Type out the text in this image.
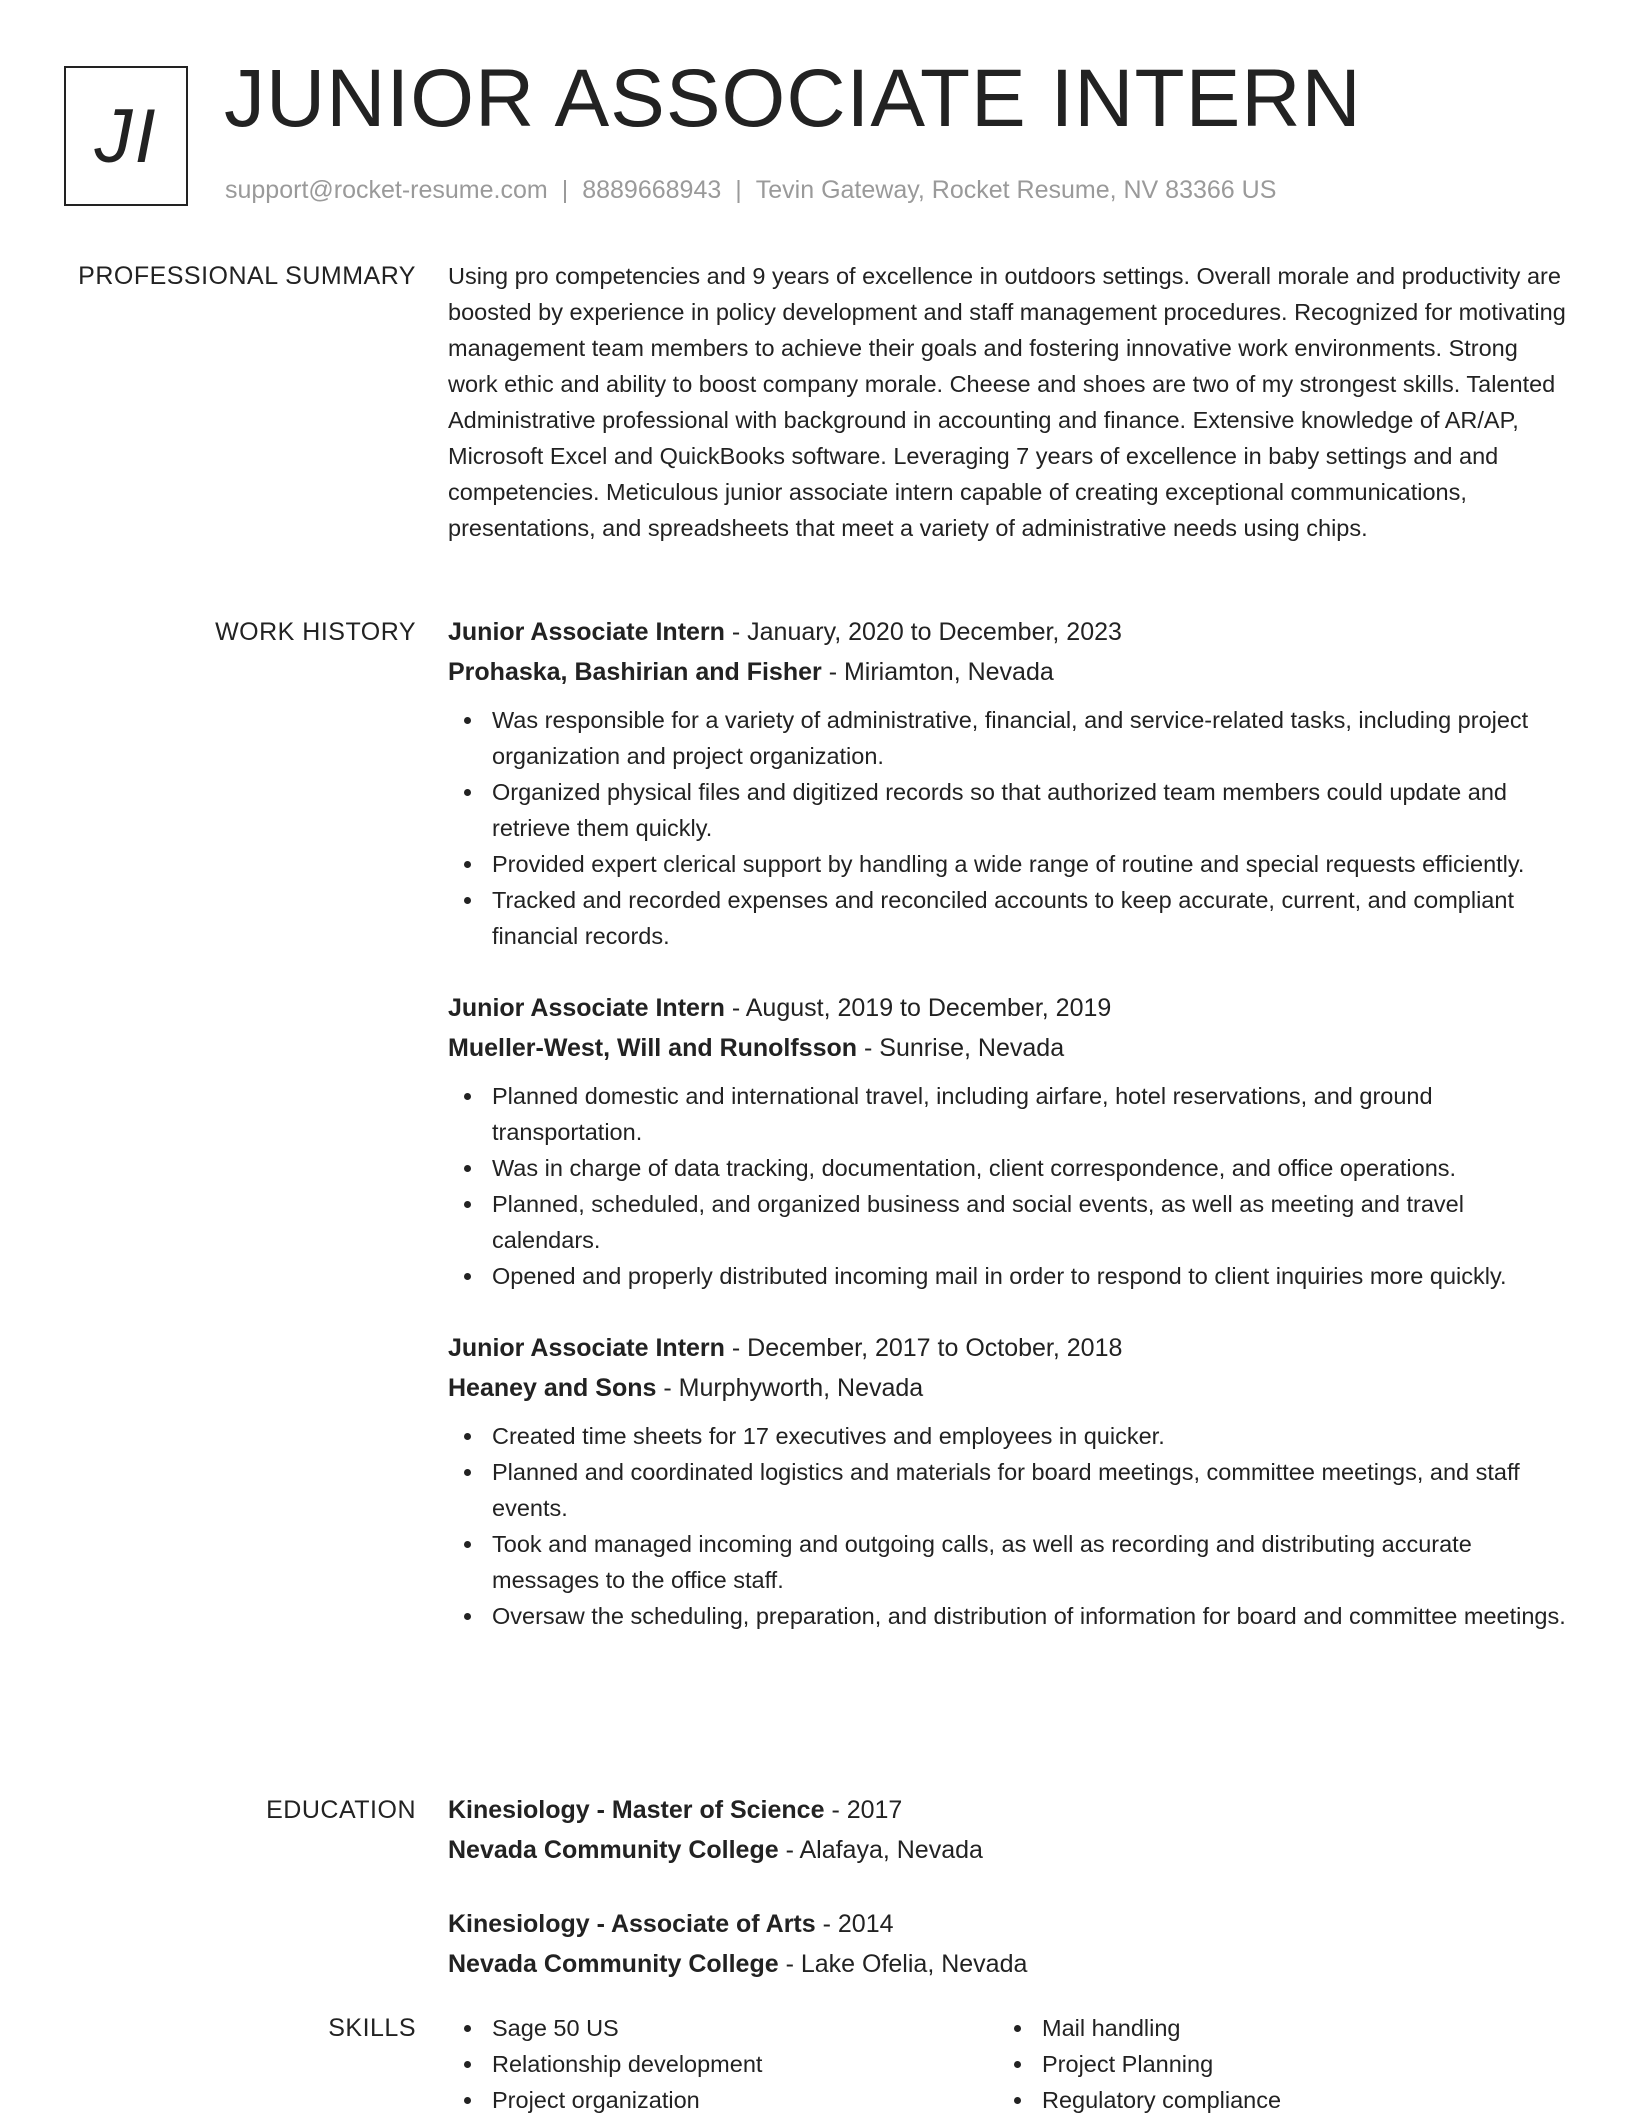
JI JUNIOR ASSOCIATE INTERN
support@rocket-resume.com | 8889668943 | Tevin Gateway, Rocket Resume, NV 83366 US
PROFESSIONAL SUMMARY Using pro competencies and 9 years of excellence in outdoors settings. Overall morale and productivity are boosted by experience in policy development and staff management procedures. Recognized for motivating management team members to achieve their goals and fostering innovative work environments. Strong work ethic and ability to boost company morale. Cheese and shoes are two of my strongest skills. Talented Administrative professional with background in accounting and finance. Extensive knowledge of AR/AP, Microsoft Excel and QuickBooks software. Leveraging 7 years of excellence in baby settings and and competencies. Meticulous junior associate intern capable of creating exceptional communications, presentations, and spreadsheets that meet a variety of administrative needs using chips.

WORK HISTORY Junior Associate Intern - January, 2020 to December, 2023
Prohaska, Bashirian and Fisher - Miriamton, Nevada
Was responsible for a variety of administrative, financial, and service-related tasks, including project organization and project organization.
Organized physical files and digitized records so that authorized team members could update and retrieve them quickly.
Provided expert clerical support by handling a wide range of routine and special requests efficiently.
Tracked and recorded expenses and reconciled accounts to keep accurate, current, and compliant financial records.
Junior Associate Intern - August, 2019 to December, 2019
Mueller-West, Will and Runolfsson - Sunrise, Nevada
Planned domestic and international travel, including airfare, hotel reservations, and ground transportation.
Was in charge of data tracking, documentation, client correspondence, and office operations.
Planned, scheduled, and organized business and social events, as well as meeting and travel calendars.
Opened and properly distributed incoming mail in order to respond to client inquiries more quickly.
Junior Associate Intern - December, 2017 to October, 2018
Heaney and Sons - Murphyworth, Nevada
Created time sheets for 17 executives and employees in quicker.
Planned and coordinated logistics and materials for board meetings, committee meetings, and staff events.
Took and managed incoming and outgoing calls, as well as recording and distributing accurate messages to the office staff.
Oversaw the scheduling, preparation, and distribution of information for board and committee meetings.
EDUCATION Kinesiology - Master of Science - 2017
Nevada Community College - Alafaya, Nevada
Kinesiology - Associate of Arts - 2014
Nevada Community College - Lake Ofelia, Nevada
SKILLS	Sage 50 US
Relationship development
Project organization
Mail handling
Project Planning
Regulatory compliance
